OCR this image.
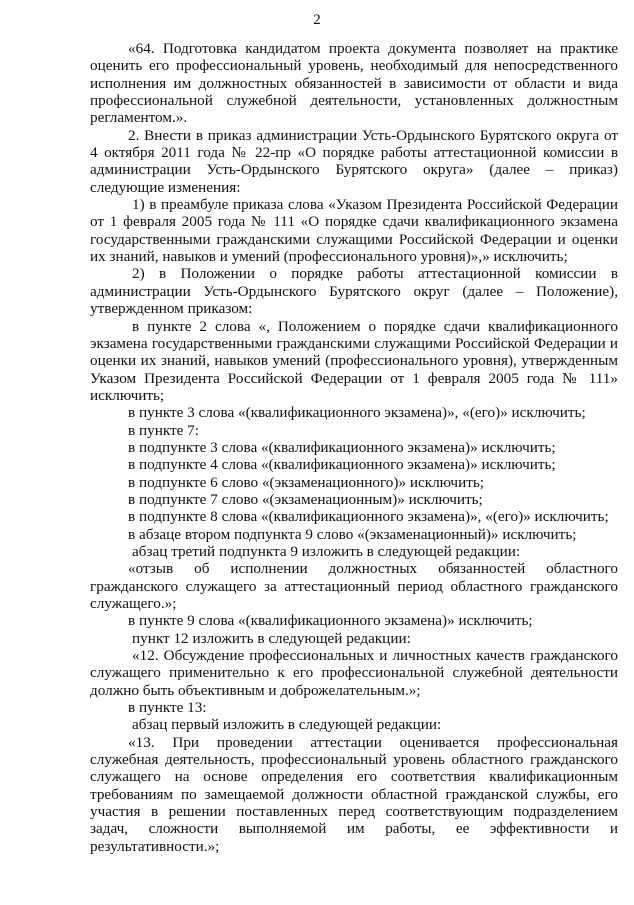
2

«64. Подготовка кандидатом проекта документа позволяет на практике оценить его профессиональный уровень, необходимый для непосредственного исполнения им должностных обязанностей в зависимости от области и вида профессиональной служебной деятельности, установленных должностным регламентом.».

2. Внести в приказ администрации Усть-Ордынского Бурятского округа от 4 октября 2011 года № 22-пр «О порядке работы аттестационной комиссии в администрации Усть-Ордынского Бурятского округа» (далее – приказ) следующие изменения:

1) в преамбуле приказа слова «Указом Президента Российской Федерации от 1 февраля 2005 года № 111 «О порядке сдачи квалификационного экзамена государственными гражданскими служащими Российской Федерации и оценки их знаний, навыков и умений (профессионального уровня)»,» исключить;

2) в Положении о порядке работы аттестационной комиссии в администрации Усть-Ордынского Бурятского округ (далее – Положение), утвержденном приказом:

в пункте 2 слова «, Положением о порядке сдачи квалификационного экзамена государственными гражданскими служащими Российской Федерации и оценки их знаний, навыков умений (профессионального уровня), утвержденным Указом Президента Российской Федерации от 1 февраля 2005 года № 111» исключить;

в пункте 3 слова «(квалификационного экзамена)», «(его)» исключить;

в пункте 7:

в подпункте 3 слова «(квалификационного экзамена)» исключить;

в подпункте 4 слова «(квалификационного экзамена)» исключить;

в подпункте 6 слово «(экзаменационного)» исключить;

в подпункте 7 слово «(экзаменационным)» исключить;

в подпункте 8 слова «(квалификационного экзамена)», «(его)» исключить;

в абзаце втором подпункта 9 слово «(экзаменационный)» исключить;

абзац третий подпункта 9 изложить в следующей редакции:

«отзыв об исполнении должностных обязанностей областного гражданского служащего за аттестационный период областного гражданского служащего.»;

в пункте 9 слова «(квалификационного экзамена)» исключить;

пункт 12 изложить в следующей редакции:

«12. Обсуждение профессиональных и личностных качеств гражданского служащего применительно к его профессиональной служебной деятельности должно быть объективным и доброжелательным.»;

в пункте 13:

абзац первый изложить в следующей редакции:

«13. При проведении аттестации оценивается профессиональная служебная деятельность, профессиональный уровень областного гражданского служащего на основе определения его соответствия квалификационным требованиям по замещаемой должности областной гражданской службы, его участия в решении поставленных перед соответствующим подразделением задач, сложности выполняемой им работы, ее эффективности и результативности.»;
